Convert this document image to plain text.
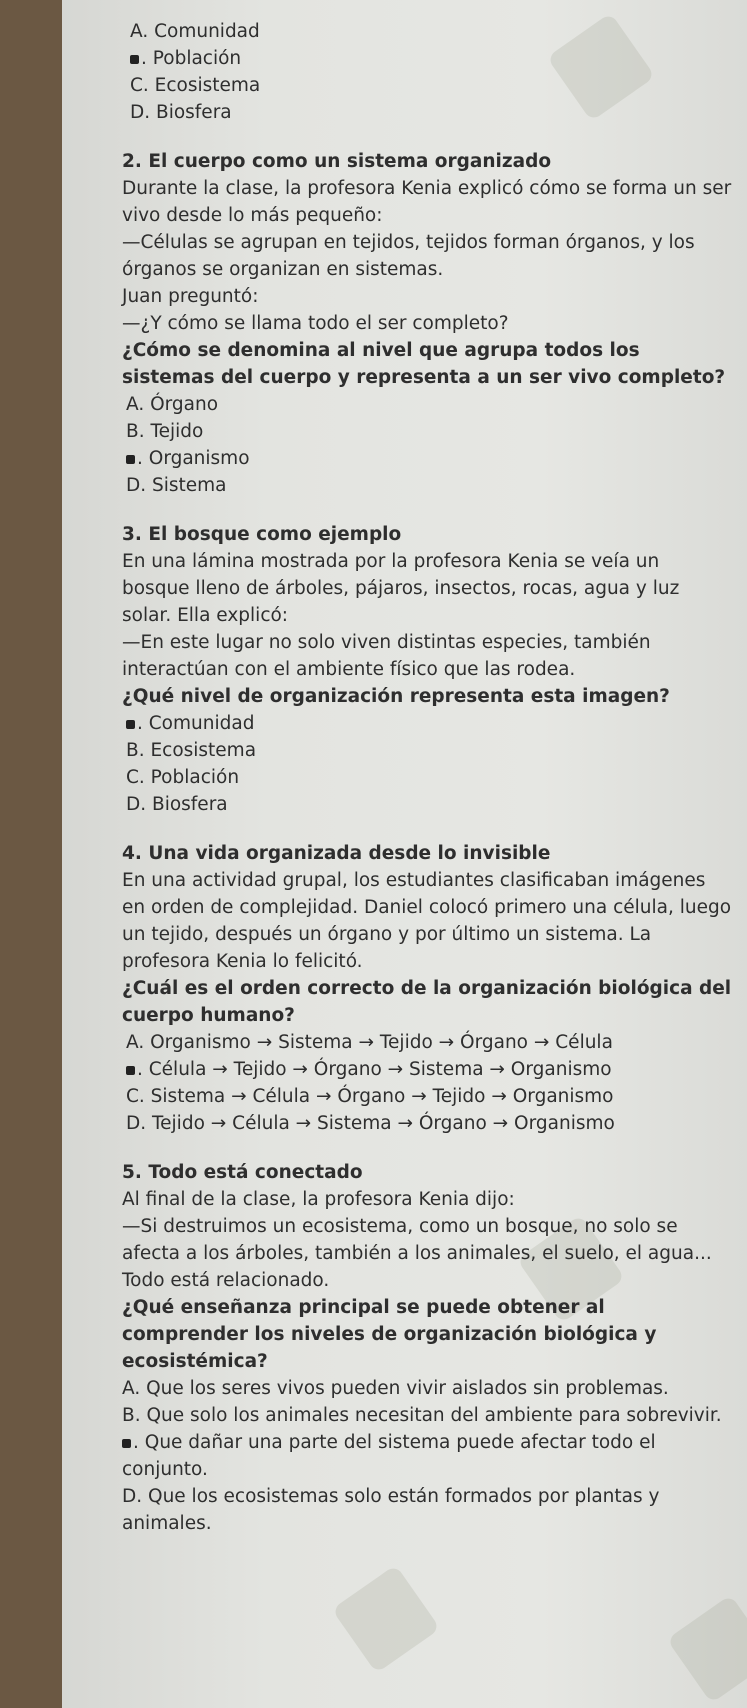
A. Comunidad
. Población
C. Ecosistema
D. Biosfera

2. El cuerpo como un sistema organizado

Durante la clase, la profesora Kenia explicó cómo se forma un ser vivo desde lo más pequeño:

—Células se agrupan en tejidos, tejidos forman órganos, y los órganos se organizan en sistemas.

Juan preguntó:

—¿Y cómo se llama todo el ser completo?

¿Cómo se denomina al nivel que agrupa todos los sistemas del cuerpo y representa a un ser vivo completo?

A. Órgano
B. Tejido
. Organismo
D. Sistema

3. El bosque como ejemplo

En una lámina mostrada por la profesora Kenia se veía un bosque lleno de árboles, pájaros, insectos, rocas, agua y luz solar. Ella explicó:

—En este lugar no solo viven distintas especies, también interactúan con el ambiente físico que las rodea.

¿Qué nivel de organización representa esta imagen?

. Comunidad
B. Ecosistema
C. Población
D. Biosfera

4. Una vida organizada desde lo invisible

En una actividad grupal, los estudiantes clasificaban imágenes en orden de complejidad. Daniel colocó primero una célula, luego un tejido, después un órgano y por último un sistema. La profesora Kenia lo felicitó.

¿Cuál es el orden correcto de la organización biológica del cuerpo humano?

A. Organismo → Sistema → Tejido → Órgano → Célula
. Célula → Tejido → Órgano → Sistema → Organismo
C. Sistema → Célula → Órgano → Tejido → Organismo
D. Tejido → Célula → Sistema → Órgano → Organismo

5. Todo está conectado

Al final de la clase, la profesora Kenia dijo:

—Si destruimos un ecosistema, como un bosque, no solo se afecta a los árboles, también a los animales, el suelo, el agua...

Todo está relacionado.

¿Qué enseñanza principal se puede obtener al comprender los niveles de organización biológica y ecosistémica?

A. Que los seres vivos pueden vivir aislados sin problemas.

B. Que solo los animales necesitan del ambiente para sobrevivir.

. Que dañar una parte del sistema puede afectar todo el conjunto.

D. Que los ecosistemas solo están formados por plantas y animales.
